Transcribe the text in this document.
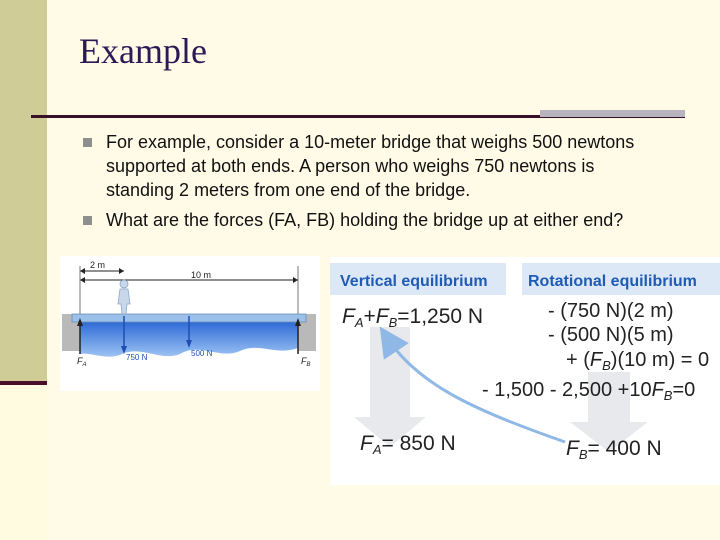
Example
For example, consider a 10-meter bridge that weighs 500 newtons supported at both ends. A person who weighs 750 newtons is standing 2 meters from one end of the bridge.
What are the forces (FA, FB) holding the bridge up at either end?
2 m
10 m
$F_A$
750 N	500 N
$F_B$
Vertical equilibrium	Rotational equilibrium
FA+FB=1,250 N	- (750 N)(2 m)
- (500 N)(5 m)
+ $(F_B)(10$ m) = 0
- $1,500 - 2,500 +10F_B=0$
FA= 850 N	FB= 400 N
